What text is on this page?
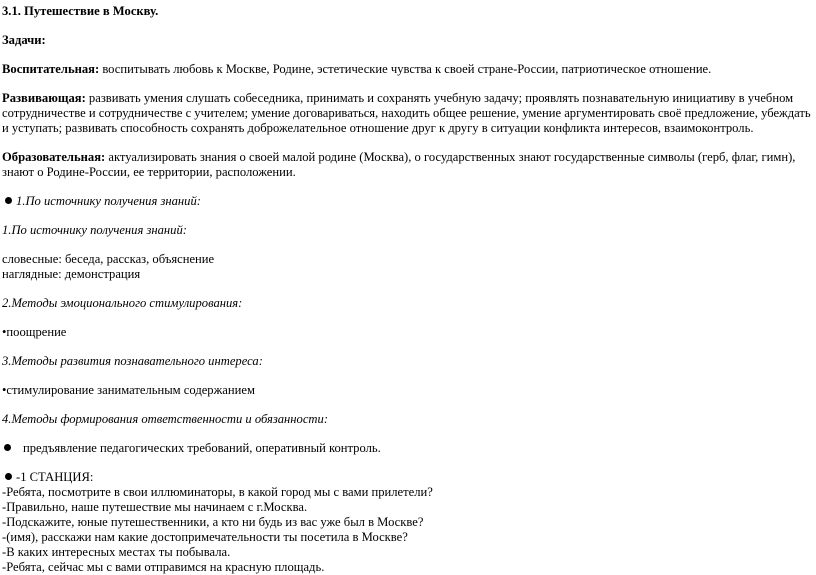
3.1. Путешествие в Москву.

Задачи:

Воспитательная: воспитывать любовь к Москве, Родине, эстетические чувства к своей стране-России, патриотическое отношение.

Развивающая: развивать умения слушать собеседника, принимать и сохранять учебную задачу; проявлять познавательную инициативу в учебном сотрудничестве и сотрудничестве с учителем; умение договариваться, находить общее решение, умение аргументировать своё предложение, убеждать и уступать; развивать способность сохранять доброжелательное отношение друг к другу в ситуации конфликта интересов, взаимоконтроль.

Образовательная: актуализировать знания о своей малой родине (Москва), о государственных знают государственные символы (герб, флаг, гимн), знают о Родине-России, ее территории, расположении.

1.По источнику получения знаний:

1.По источнику получения знаний:

словесные: беседа, рассказ, объяснение

наглядные: демонстрация

2.Методы эмоционального стимулирования:

•поощрение

3.Методы развития познавательного интереса:

•стимулирование занимательным содержанием

4.Методы формирования ответственности и обязанности:

предъявление педагогических требований, оперативный контроль.

-1 СТАНЦИЯ:

-Ребята, посмотрите в свои иллюминаторы, в какой город мы с вами прилетели?

-Правильно, наше путешествие мы начинаем с г.Москва.

-Подскажите, юные путешественники, а кто ни будь из вас уже был в Москве?

-(имя), расскажи нам какие достопримечательности ты посетила в Москве?

-В каких интересных местах ты побывала.

-Ребята, сейчас мы с вами отправимся на красную площадь.
